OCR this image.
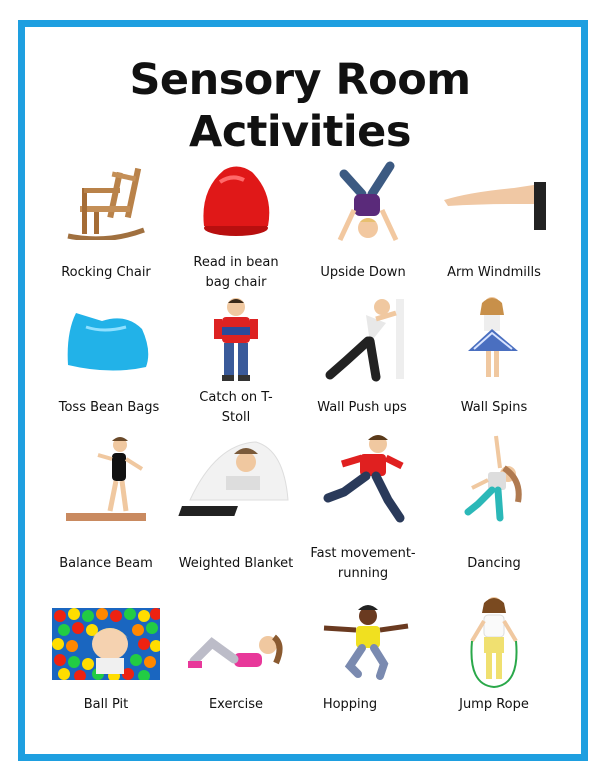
Sensory Room
Activities
Rocking Chair
Read in bean
bag chair
Upside Down	Arm Windmills
Toss Bean Bags
Catch on T-
Stoll
Wall Push ups	Wall Spins
Balance Beam	Weighted Blanket
Fast movement-
running
Dancing
Ball Pit	Exercise	Hopping	Jump Rope
